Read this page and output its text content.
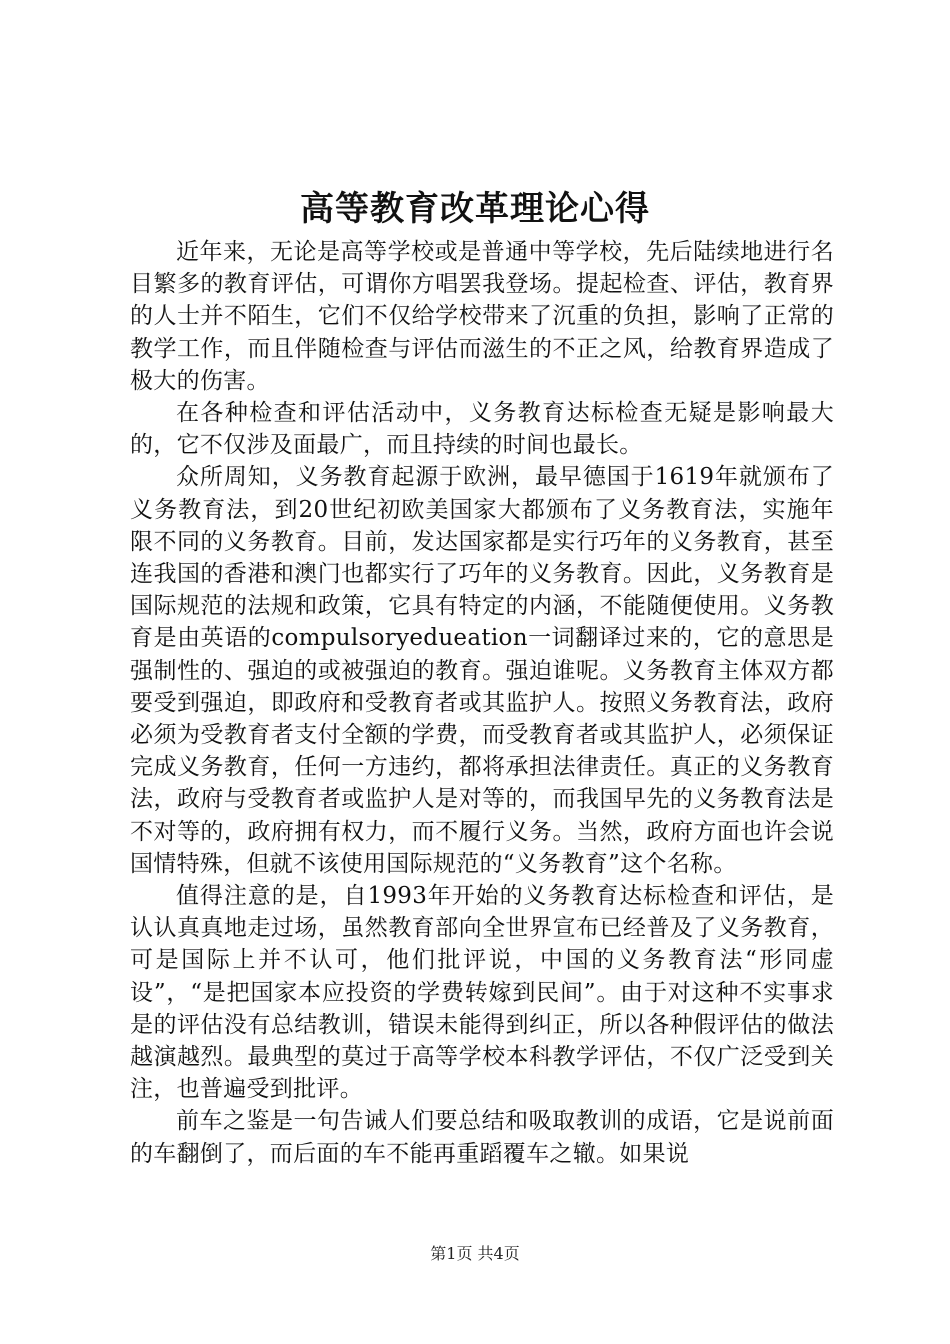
高等教育改革理论心得

近年来，无论是高等学校或是普通中等学校，先后陆续地进行名目繁多的教育评估，可谓你方唱罢我登场。提起检查、评估，教育界的人士并不陌生，它们不仅给学校带来了沉重的负担，影响了正常的教学工作，而且伴随检查与评估而滋生的不正之风，给教育界造成了极大的伤害。

在各种检查和评估活动中，义务教育达标检查无疑是影响最大的，它不仅涉及面最广，而且持续的时间也最长。

众所周知，义务教育起源于欧洲，最早德国于1619年就颁布了义务教育法，到20世纪初欧美国家大都颁布了义务教育法，实施年限不同的义务教育。目前，发达国家都是实行巧年的义务教育，甚至连我国的香港和澳门也都实行了巧年的义务教育。因此，义务教育是国际规范的法规和政策，它具有特定的内涵，不能随便使用。义务教育是由英语的compulsoryedueation一词翻译过来的，它的意思是强制性的、强迫的或被强迫的教育。强迫谁呢。义务教育主体双方都要受到强迫，即政府和受教育者或其监护人。按照义务教育法，政府必须为受教育者支付全额的学费，而受教育者或其监护人，必须保证完成义务教育，任何一方违约，都将承担法律责任。真正的义务教育法，政府与受教育者或监护人是对等的，而我国早先的义务教育法是不对等的，政府拥有权力，而不履行义务。当然，政府方面也许会说国情特殊，但就不该使用国际规范的“义务教育”这个名称。

值得注意的是，自1993年开始的义务教育达标检查和评估，是认认真真地走过场，虽然教育部向全世界宣布已经普及了义务教育，可是国际上并不认可，他们批评说，中国的义务教育法“形同虚设”，“是把国家本应投资的学费转嫁到民间”。由于对这种不实事求是的评估没有总结教训，错误未能得到纠正，所以各种假评估的做法越演越烈。最典型的莫过于高等学校本科教学评估，不仅广泛受到关注，也普遍受到批评。

前车之鉴是一句告诫人们要总结和吸取教训的成语，它是说前面的车翻倒了，而后面的车不能再重蹈覆车之辙。如果说

第1页 共4页
